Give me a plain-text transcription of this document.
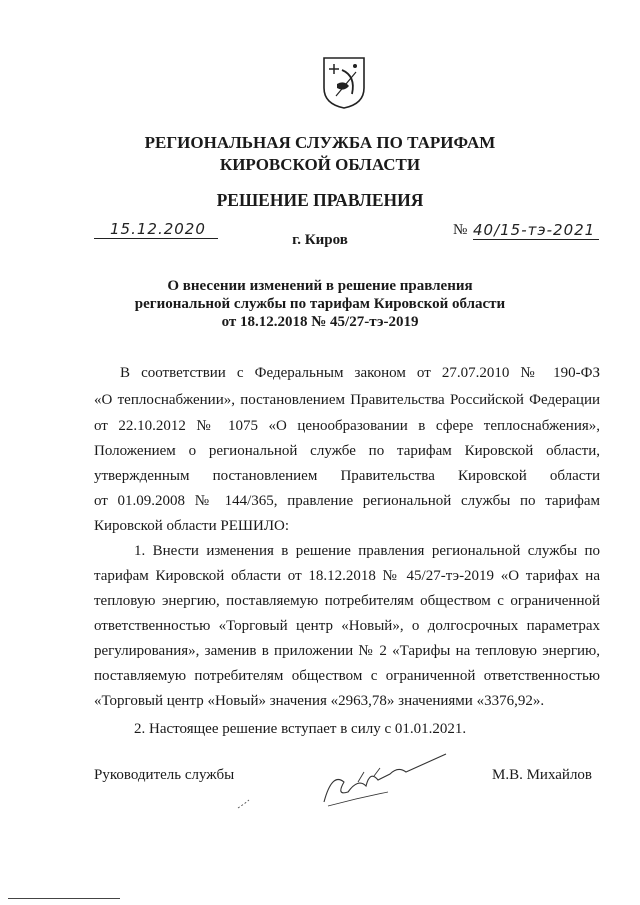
РЕГИОНАЛЬНАЯ СЛУЖБА ПО ТАРИФАМ
КИРОВСКОЙ ОБЛАСТИ
РЕШЕНИЕ ПРАВЛЕНИЯ
15.12.2020	№ 40/15-тэ-2021
г. Киров
О внесении изменений в решение правления
региональной службы по тарифам Кировской области
от 18.12.2018 № 45/27-тэ-2019
В соответствии с Федеральным законом от 27.07.2010 № 190-ФЗ
«О теплоснабжении», постановлением Правительства Российской Федерации
от 22.10.2012 № 1075 «О ценообразовании в сфере теплоснабжения»,
Положением о региональной службе по тарифам Кировской области,
утвержденным постановлением Правительства Кировской области
от 01.09.2008 № 144/365, правление региональной службы по тарифам
Кировской области РЕШИЛО:
1. Внести изменения в решение правления региональной службы по
тарифам Кировской области от 18.12.2018 № 45/27-тэ-2019 «О тарифах на
тепловую энергию, поставляемую потребителям обществом с ограниченной
ответственностью «Торговый центр «Новый», о долгосрочных параметрах
регулирования», заменив в приложении № 2 «Тарифы на тепловую энергию,
поставляемую потребителям обществом с ограниченной ответственностью
«Торговый центр «Новый» значения «2963,78» значениями «3376,92».
2. Настоящее решение вступает в силу с 01.01.2021.
Руководитель службы	М.В. Михайлов
